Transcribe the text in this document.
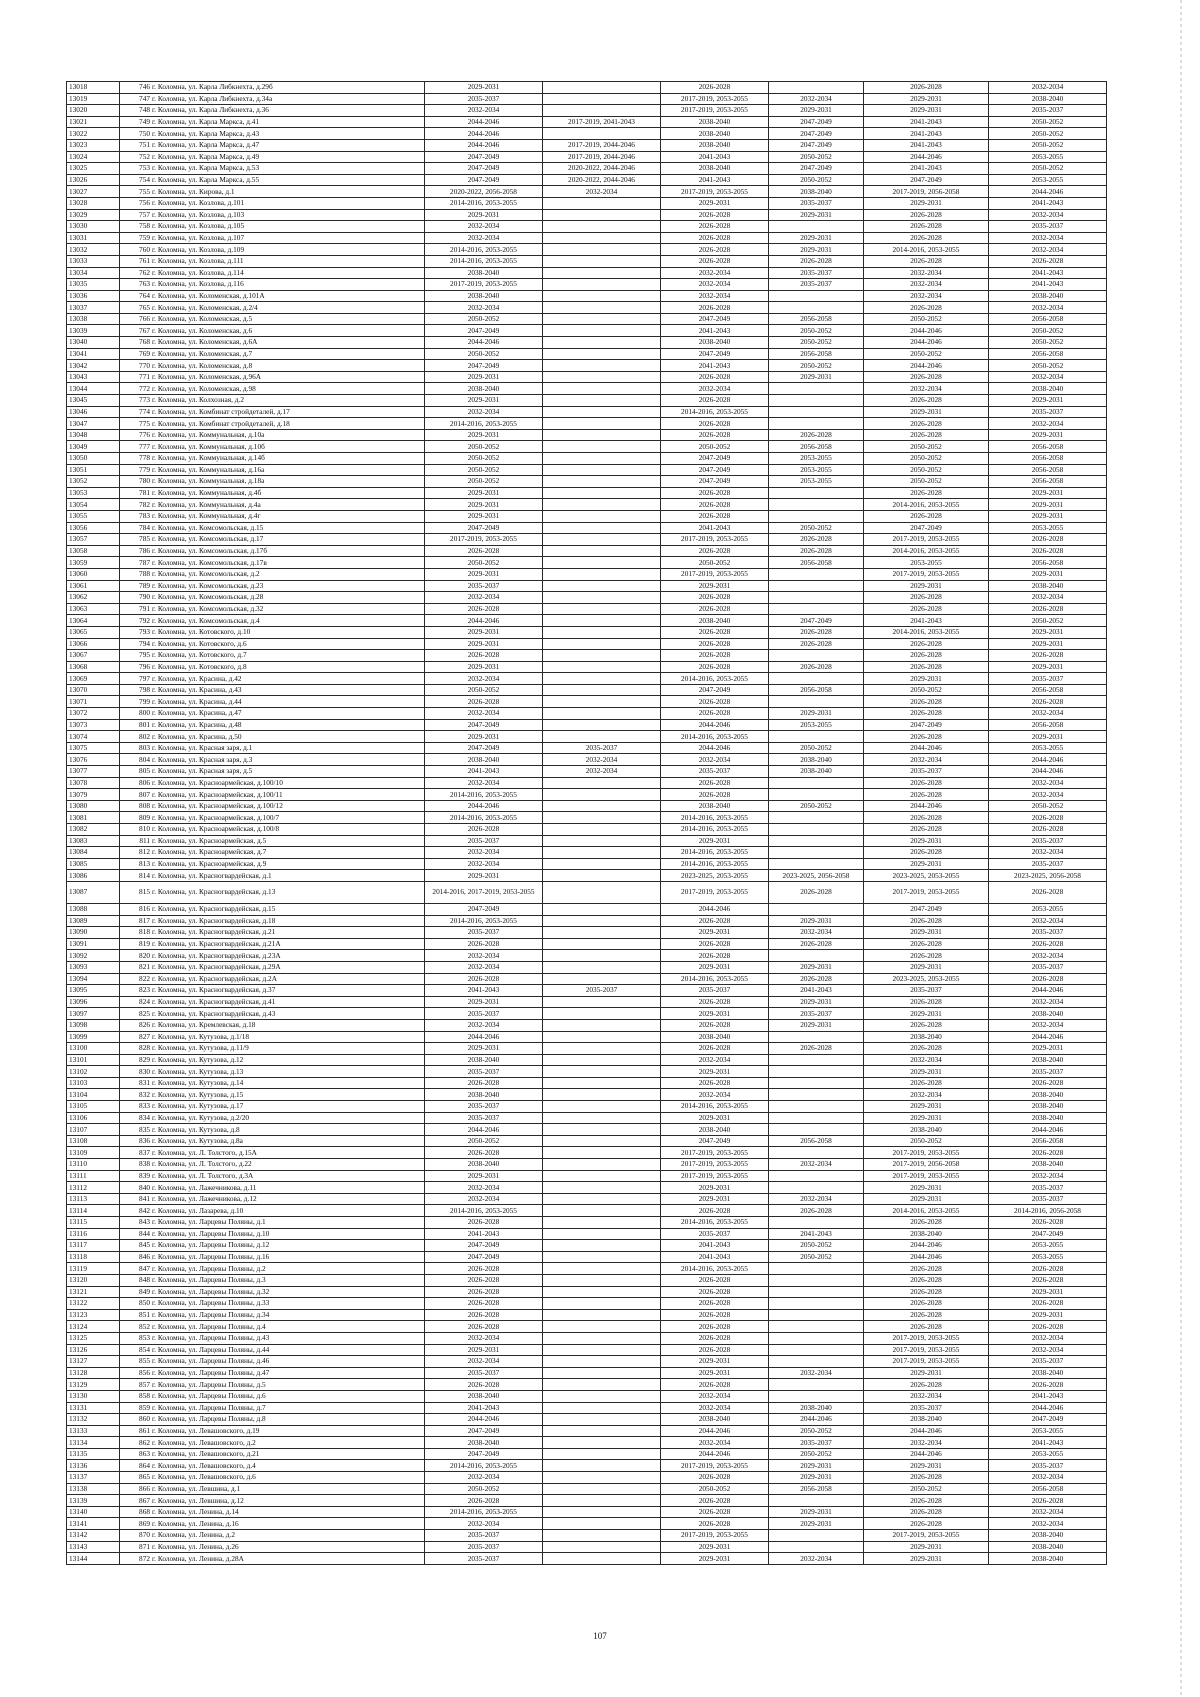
13018	746 г. Коломна, ул. Карла Либкнехта, д.29б	2029-2031		2026-2028		2026-2028	2032-2034
13019	747 г. Коломна, ул. Карла Либкнехта, д.34а	2035-2037		2017-2019, 2053-2055	2032-2034	2029-2031	2038-2040
13020	748 г. Коломна, ул. Карла Либкнехта, д.36	2032-2034		2017-2019, 2053-2055	2029-2031	2029-2031	2035-2037
13021	749 г. Коломна, ул. Карла Маркса, д.41	2044-2046	2017-2019, 2041-2043	2038-2040	2047-2049	2041-2043	2050-2052
13022	750 г. Коломна, ул. Карла Маркса, д.43	2044-2046		2038-2040	2047-2049	2041-2043	2050-2052
13023	751 г. Коломна, ул. Карла Маркса, д.47	2044-2046	2017-2019, 2044-2046	2038-2040	2047-2049	2041-2043	2050-2052
13024	752 г. Коломна, ул. Карла Маркса, д.49	2047-2049	2017-2019, 2044-2046	2041-2043	2050-2052	2044-2046	2053-2055
13025	753 г. Коломна, ул. Карла Маркса, д.53	2047-2049	2020-2022, 2044-2046	2038-2040	2047-2049	2041-2043	2050-2052
13026	754 г. Коломна, ул. Карла Маркса, д.55	2047-2049	2020-2022, 2044-2046	2041-2043	2050-2052	2047-2049	2053-2055
13027	755 г. Коломна, ул. Кирова, д.1	2020-2022, 2056-2058	2032-2034	2017-2019, 2053-2055	2038-2040	2017-2019, 2056-2058	2044-2046
13028	756 г. Коломна, ул. Козлова, д.101	2014-2016, 2053-2055		2029-2031	2035-2037	2029-2031	2041-2043
13029	757 г. Коломна, ул. Козлова, д.103	2029-2031		2026-2028	2029-2031	2026-2028	2032-2034
13030	758 г. Коломна, ул. Козлова, д.105	2032-2034		2026-2028		2026-2028	2035-2037
13031	759 г. Коломна, ул. Козлова, д.107	2032-2034		2026-2028	2029-2031	2026-2028	2032-2034
13032	760 г. Коломна, ул. Козлова, д.109	2014-2016, 2053-2055		2026-2028	2029-2031	2014-2016, 2053-2055	2032-2034
13033	761 г. Коломна, ул. Козлова, д.111	2014-2016, 2053-2055		2026-2028	2026-2028	2026-2028	2026-2028
13034	762 г. Коломна, ул. Козлова, д.114	2038-2040		2032-2034	2035-2037	2032-2034	2041-2043
13035	763 г. Коломна, ул. Козлова, д.116	2017-2019, 2053-2055		2032-2034	2035-2037	2032-2034	2041-2043
13036	764 г. Коломна, ул. Коломенская, д.101А	2038-2040		2032-2034		2032-2034	2038-2040
13037	765 г. Коломна, ул. Коломенская, д.2/4	2032-2034		2026-2028		2026-2028	2032-2034
13038	766 г. Коломна, ул. Коломенская, д.5	2050-2052		2047-2049	2056-2058	2050-2052	2056-2058
13039	767 г. Коломна, ул. Коломенская, д.6	2047-2049		2041-2043	2050-2052	2044-2046	2050-2052
13040	768 г. Коломна, ул. Коломенская, д.6А	2044-2046		2038-2040	2050-2052	2044-2046	2050-2052
13041	769 г. Коломна, ул. Коломенская, д.7	2050-2052		2047-2049	2056-2058	2050-2052	2056-2058
13042	770 г. Коломна, ул. Коломенская, д.8	2047-2049		2041-2043	2050-2052	2044-2046	2050-2052
13043	771 г. Коломна, ул. Коломенская, д.96А	2029-2031		2026-2028	2029-2031	2026-2028	2032-2034
13044	772 г. Коломна, ул. Коломенская, д.98	2038-2040		2032-2034		2032-2034	2038-2040
13045	773 г. Коломна, ул. Колхозная, д.2	2029-2031		2026-2028		2026-2028	2029-2031
13046	774 г. Коломна, ул. Комбинат стройдеталей, д.17	2032-2034		2014-2016, 2053-2055		2029-2031	2035-2037
13047	775 г. Коломна, ул. Комбинат стройдеталей, д.18	2014-2016, 2053-2055		2026-2028		2026-2028	2032-2034
13048	776 г. Коломна, ул. Коммунальная, д.10а	2029-2031		2026-2028	2026-2028	2026-2028	2029-2031
13049	777 г. Коломна, ул. Коммунальная, д.10б	2050-2052		2050-2052	2056-2058	2050-2052	2056-2058
13050	778 г. Коломна, ул. Коммунальная, д.14б	2050-2052		2047-2049	2053-2055	2050-2052	2056-2058
13051	779 г. Коломна, ул. Коммунальная, д.16а	2050-2052		2047-2049	2053-2055	2050-2052	2056-2058
13052	780 г. Коломна, ул. Коммунальная, д.18а	2050-2052		2047-2049	2053-2055	2050-2052	2056-2058
13053	781 г. Коломна, ул. Коммунальная, д.4б	2029-2031		2026-2028		2026-2028	2029-2031
13054	782 г. Коломна, ул. Коммунальная, д.4а	2029-2031		2026-2028		2014-2016, 2053-2055	2029-2031
13055	783 г. Коломна, ул. Коммунальная, д.4г	2029-2031		2026-2028		2026-2028	2029-2031
13056	784 г. Коломна, ул. Комсомольская, д.15	2047-2049		2041-2043	2050-2052	2047-2049	2053-2055
13057	785 г. Коломна, ул. Комсомольская, д.17	2017-2019, 2053-2055		2017-2019, 2053-2055	2026-2028	2017-2019, 2053-2055	2026-2028
13058	786 г. Коломна, ул. Комсомольская, д.17б	2026-2028		2026-2028	2026-2028	2014-2016, 2053-2055	2026-2028
13059	787 г. Коломна, ул. Комсомольская, д.17в	2050-2052		2050-2052	2056-2058	2053-2055	2056-2058
13060	788 г. Коломна, ул. Комсомольская, д.2	2029-2031		2017-2019, 2053-2055		2017-2019, 2053-2055	2029-2031
13061	789 г. Коломна, ул. Комсомольская, д.23	2035-2037		2029-2031		2029-2031	2038-2040
13062	790 г. Коломна, ул. Комсомольская, д.28	2032-2034		2026-2028		2026-2028	2032-2034
13063	791 г. Коломна, ул. Комсомольская, д.32	2026-2028		2026-2028		2026-2028	2026-2028
13064	792 г. Коломна, ул. Комсомольская, д.4	2044-2046		2038-2040	2047-2049	2041-2043	2050-2052
13065	793 г. Коломна, ул. Котовского, д.10	2029-2031		2026-2028	2026-2028	2014-2016, 2053-2055	2029-2031
13066	794 г. Коломна, ул. Котовского, д.6	2029-2031		2026-2028	2026-2028	2026-2028	2029-2031
13067	795 г. Коломна, ул. Котовского, д.7	2026-2028		2026-2028		2026-2028	2026-2028
13068	796 г. Коломна, ул. Котовского, д.8	2029-2031		2026-2028	2026-2028	2026-2028	2029-2031
13069	797 г. Коломна, ул. Красина, д.42	2032-2034		2014-2016, 2053-2055		2029-2031	2035-2037
13070	798 г. Коломна, ул. Красина, д.43	2050-2052		2047-2049	2056-2058	2050-2052	2056-2058
13071	799 г. Коломна, ул. Красина, д.44	2026-2028		2026-2028		2026-2028	2026-2028
13072	800 г. Коломна, ул. Красина, д.47	2032-2034		2026-2028	2029-2031	2026-2028	2032-2034
13073	801 г. Коломна, ул. Красина, д.48	2047-2049		2044-2046	2053-2055	2047-2049	2056-2058
13074	802 г. Коломна, ул. Красина, д.50	2029-2031		2014-2016, 2053-2055		2026-2028	2029-2031
13075	803 г. Коломна, ул. Красная заря, д.1	2047-2049	2035-2037	2044-2046	2050-2052	2044-2046	2053-2055
13076	804 г. Коломна, ул. Красная заря, д.3	2038-2040	2032-2034	2032-2034	2038-2040	2032-2034	2044-2046
13077	805 г. Коломна, ул. Красная заря, д.5	2041-2043	2032-2034	2035-2037	2038-2040	2035-2037	2044-2046
13078	806 г. Коломна, ул. Красноармейская, д.100/10	2032-2034		2026-2028		2026-2028	2032-2034
13079	807 г. Коломна, ул. Красноармейская, д.100/11	2014-2016, 2053-2055		2026-2028		2026-2028	2032-2034
13080	808 г. Коломна, ул. Красноармейская, д.100/12	2044-2046		2038-2040	2050-2052	2044-2046	2050-2052
13081	809 г. Коломна, ул. Красноармейская, д.100/7	2014-2016, 2053-2055		2014-2016, 2053-2055		2026-2028	2026-2028
13082	810 г. Коломна, ул. Красноармейская, д.100/8	2026-2028		2014-2016, 2053-2055		2026-2028	2026-2028
13083	811 г. Коломна, ул. Красноармейская, д.5	2035-2037		2029-2031		2029-2031	2035-2037
13084	812 г. Коломна, ул. Красноармейская, д.7	2032-2034		2014-2016, 2053-2055		2026-2028	2032-2034
13085	813 г. Коломна, ул. Красноармейская, д.9	2032-2034		2014-2016, 2053-2055		2029-2031	2035-2037
13086	814 г. Коломна, ул. Красногвардейская, д.1	2029-2031		2023-2025, 2053-2055	2023-2025, 2056-2058	2023-2025, 2053-2055	2023-2025, 2056-2058
13087	815 г. Коломна, ул. Красногвардейская, д.13	2014-2016, 2017-2019, 2053-2055		2017-2019, 2053-2055	2026-2028	2017-2019, 2053-2055	2026-2028
13088	816 г. Коломна, ул. Красногвардейская, д.15	2047-2049		2044-2046		2047-2049	2053-2055
13089	817 г. Коломна, ул. Красногвардейская, д.18	2014-2016, 2053-2055		2026-2028	2029-2031	2026-2028	2032-2034
13090	818 г. Коломна, ул. Красногвардейская, д.21	2035-2037		2029-2031	2032-2034	2029-2031	2035-2037
13091	819 г. Коломна, ул. Красногвардейская, д.21А	2026-2028		2026-2028	2026-2028	2026-2028	2026-2028
13092	820 г. Коломна, ул. Красногвардейская, д.23А	2032-2034		2026-2028		2026-2028	2032-2034
13093	821 г. Коломна, ул. Красногвардейская, д.29А	2032-2034		2029-2031	2029-2031	2029-2031	2035-2037
13094	822 г. Коломна, ул. Красногвардейская, д.2А	2026-2028		2014-2016, 2053-2055	2026-2028	2023-2025, 2053-2055	2026-2028
13095	823 г. Коломна, ул. Красногвардейская, д.37	2041-2043	2035-2037	2035-2037	2041-2043	2035-2037	2044-2046
13096	824 г. Коломна, ул. Красногвардейская, д.41	2029-2031		2026-2028	2029-2031	2026-2028	2032-2034
13097	825 г. Коломна, ул. Красногвардейская, д.43	2035-2037		2029-2031	2035-2037	2029-2031	2038-2040
13098	826 г. Коломна, ул. Кремлевская, д.18	2032-2034		2026-2028	2029-2031	2026-2028	2032-2034
13099	827 г. Коломна, ул. Кутузова, д.1/18	2044-2046		2038-2040		2038-2040	2044-2046
13100	828 г. Коломна, ул. Кутузова, д.11/9	2029-2031		2026-2028	2026-2028	2026-2028	2029-2031
13101	829 г. Коломна, ул. Кутузова, д.12	2038-2040		2032-2034		2032-2034	2038-2040
13102	830 г. Коломна, ул. Кутузова, д.13	2035-2037		2029-2031		2029-2031	2035-2037
13103	831 г. Коломна, ул. Кутузова, д.14	2026-2028		2026-2028		2026-2028	2026-2028
13104	832 г. Коломна, ул. Кутузова, д.15	2038-2040		2032-2034		2032-2034	2038-2040
13105	833 г. Коломна, ул. Кутузова, д.17	2035-2037		2014-2016, 2053-2055		2029-2031	2038-2040
13106	834 г. Коломна, ул. Кутузова, д.2/20	2035-2037		2029-2031		2029-2031	2038-2040
13107	835 г. Коломна, ул. Кутузова, д.8	2044-2046		2038-2040		2038-2040	2044-2046
13108	836 г. Коломна, ул. Кутузова, д.8а	2050-2052		2047-2049	2056-2058	2050-2052	2056-2058
13109	837 г. Коломна, ул. Л. Толстого, д.15А	2026-2028		2017-2019, 2053-2055		2017-2019, 2053-2055	2026-2028
13110	838 г. Коломна, ул. Л. Толстого, д.22	2038-2040		2017-2019, 2053-2055	2032-2034	2017-2019, 2056-2058	2038-2040
13111	839 г. Коломна, ул. Л. Толстого, д.3А	2029-2031		2017-2019, 2053-2055		2017-2019, 2053-2055	2032-2034
13112	840 г. Коломна, ул. Лажечникова, д.11	2032-2034		2029-2031		2029-2031	2035-2037
13113	841 г. Коломна, ул. Лажечникова, д.12	2032-2034		2029-2031	2032-2034	2029-2031	2035-2037
13114	842 г. Коломна, ул. Лазарева, д.10	2014-2016, 2053-2055		2026-2028	2026-2028	2014-2016, 2053-2055	2014-2016, 2056-2058
13115	843 г. Коломна, ул. Ларцевы Поляны, д.1	2026-2028		2014-2016, 2053-2055		2026-2028	2026-2028
13116	844 г. Коломна, ул. Ларцевы Поляны, д.10	2041-2043		2035-2037	2041-2043	2038-2040	2047-2049
13117	845 г. Коломна, ул. Ларцевы Поляны, д.12	2047-2049		2041-2043	2050-2052	2044-2046	2053-2055
13118	846 г. Коломна, ул. Ларцевы Поляны, д.16	2047-2049		2041-2043	2050-2052	2044-2046	2053-2055
13119	847 г. Коломна, ул. Ларцевы Поляны, д.2	2026-2028		2014-2016, 2053-2055		2026-2028	2026-2028
13120	848 г. Коломна, ул. Ларцевы Поляны, д.3	2026-2028		2026-2028		2026-2028	2026-2028
13121	849 г. Коломна, ул. Ларцевы Поляны, д.32	2026-2028		2026-2028		2026-2028	2029-2031
13122	850 г. Коломна, ул. Ларцевы Поляны, д.33	2026-2028		2026-2028		2026-2028	2026-2028
13123	851 г. Коломна, ул. Ларцевы Поляны, д.34	2026-2028		2026-2028		2026-2028	2029-2031
13124	852 г. Коломна, ул. Ларцевы Поляны, д.4	2026-2028		2026-2028		2026-2028	2026-2028
13125	853 г. Коломна, ул. Ларцевы Поляны, д.43	2032-2034		2026-2028		2017-2019, 2053-2055	2032-2034
13126	854 г. Коломна, ул. Ларцевы Поляны, д.44	2029-2031		2026-2028		2017-2019, 2053-2055	2032-2034
13127	855 г. Коломна, ул. Ларцевы Поляны, д.46	2032-2034		2029-2031		2017-2019, 2053-2055	2035-2037
13128	856 г. Коломна, ул. Ларцевы Поляны, д.47	2035-2037		2029-2031	2032-2034	2029-2031	2038-2040
13129	857 г. Коломна, ул. Ларцевы Поляны, д.5	2026-2028		2026-2028		2026-2028	2026-2028
13130	858 г. Коломна, ул. Ларцевы Поляны, д.6	2038-2040		2032-2034		2032-2034	2041-2043
13131	859 г. Коломна, ул. Ларцевы Поляны, д.7	2041-2043		2032-2034	2038-2040	2035-2037	2044-2046
13132	860 г. Коломна, ул. Ларцевы Поляны, д.8	2044-2046		2038-2040	2044-2046	2038-2040	2047-2049
13133	861 г. Коломна, ул. Левашовского, д.19	2047-2049		2044-2046	2050-2052	2044-2046	2053-2055
13134	862 г. Коломна, ул. Левашовского, д.2	2038-2040		2032-2034	2035-2037	2032-2034	2041-2043
13135	863 г. Коломна, ул. Левашовского, д.21	2047-2049		2044-2046	2050-2052	2044-2046	2053-2055
13136	864 г. Коломна, ул. Левашовского, д.4	2014-2016, 2053-2055		2017-2019, 2053-2055	2029-2031	2029-2031	2035-2037
13137	865 г. Коломна, ул. Левашовского, д.6	2032-2034		2026-2028	2029-2031	2026-2028	2032-2034
13138	866 г. Коломна, ул. Левшина, д.1	2050-2052		2050-2052	2056-2058	2050-2052	2056-2058
13139	867 г. Коломна, ул. Левшина, д.12	2026-2028		2026-2028		2026-2028	2026-2028
13140	868 г. Коломна, ул. Ленина, д.14	2014-2016, 2053-2055		2026-2028	2029-2031	2026-2028	2032-2034
13141	869 г. Коломна, ул. Ленина, д.16	2032-2034		2026-2028	2029-2031	2026-2028	2032-2034
13142	870 г. Коломна, ул. Ленина, д.2	2035-2037		2017-2019, 2053-2055		2017-2019, 2053-2055	2038-2040
13143	871 г. Коломна, ул. Ленина, д.26	2035-2037		2029-2031		2029-2031	2038-2040
13144	872 г. Коломна, ул. Ленина, д.28А	2035-2037		2029-2031	2032-2034	2029-2031	2038-2040
107
